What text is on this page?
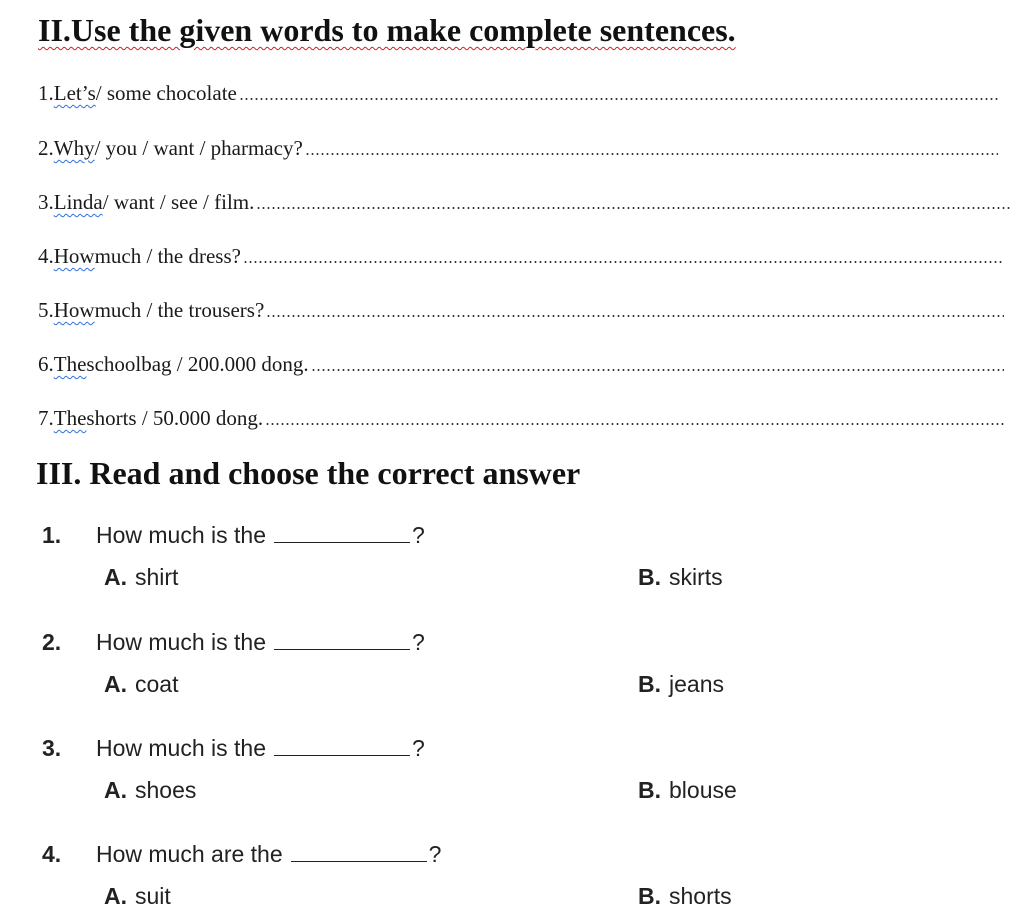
II.Use the given words to make complete sentences.
1. Let’s / some chocolate
2. Why / you / want / pharmacy?
3. Linda / want / see / film.
4. How much / the dress?
5. How much / the trousers?
6. The schoolbag / 200.000 dong.
7. The shorts / 50.000 dong.
III. Read and choose the correct answer
1. How much is the	?
A. shirt	B. skirts
2. How much is the	?
A. coat	B. jeans
3. How much is the	?
A. shoes	B. blouse
4. How much are the	?
A. suit	B. shorts
